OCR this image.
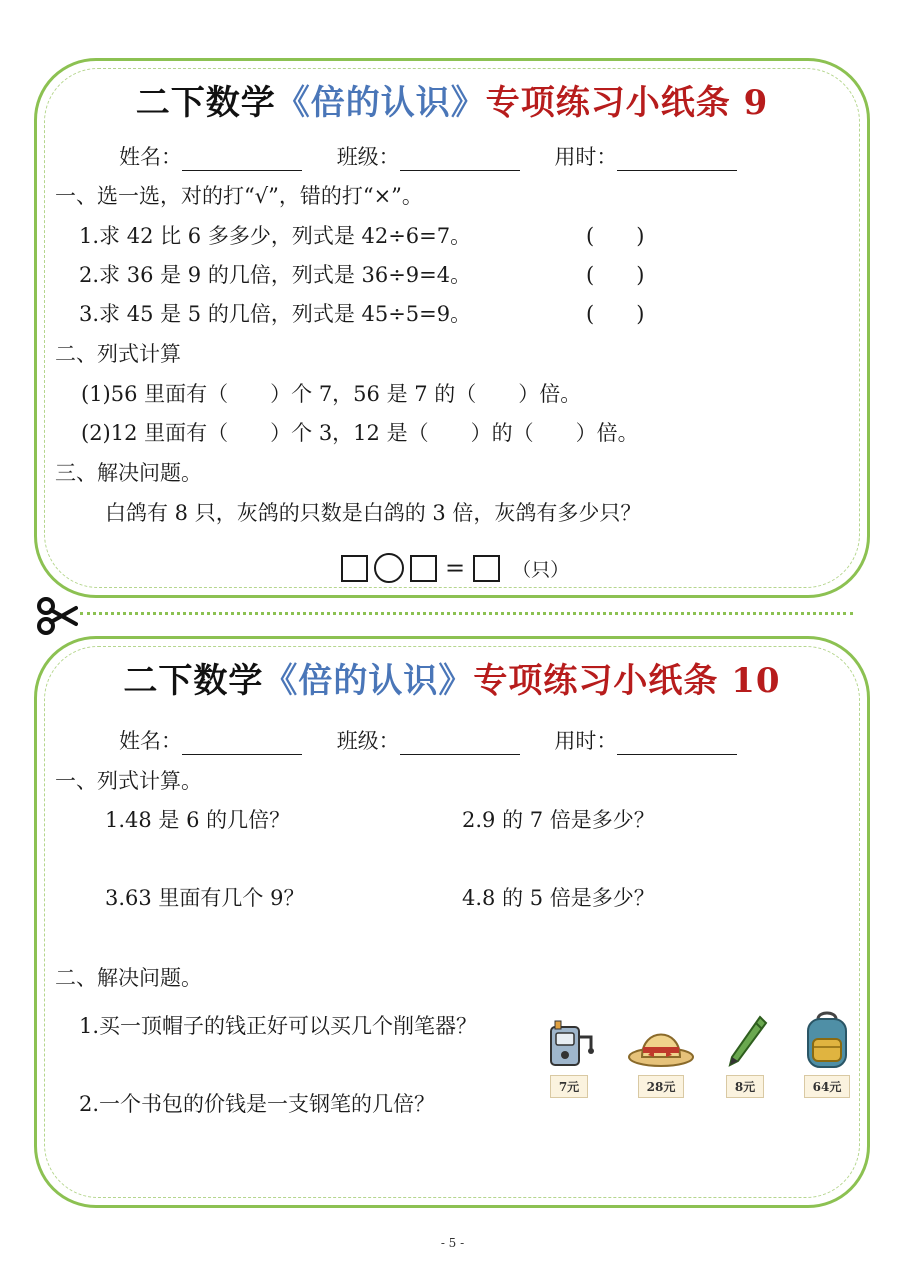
二下数学《倍的认识》专项练习小纸条 9
姓名：	班级：	用时：
一、选一选，对的打“√”，错的打“×”。
1.求 42 比 6 多多少，列式是 42÷6=7。	(　　)
2.求 36 是 9 的几倍，列式是 36÷9=4。	(　　)
3.求 45 是 5 的几倍，列式是 45÷5=9。	(　　)
二、列式计算
(1)56 里面有（　　）个 7，56 是 7 的（　　）倍。
(2)12 里面有（　　）个 3，12 是（　　）的（　　）倍。
三、解决问题。
白鸽有 8 只，灰鸽的只数是白鸽的 3 倍，灰鸽有多少只？
= （只）
二下数学《倍的认识》专项练习小纸条 10
姓名：	班级：	用时：
一、列式计算。
1.48 是 6 的几倍？	2.9 的 7 倍是多少？
3.63 里面有几个 9？	4.8 的 5 倍是多少？
二、解决问题。
1.买一顶帽子的钱正好可以买几个削笔器？
2.一个书包的价钱是一支钢笔的几倍？
7元	28元	8元	64元
- 5 -
